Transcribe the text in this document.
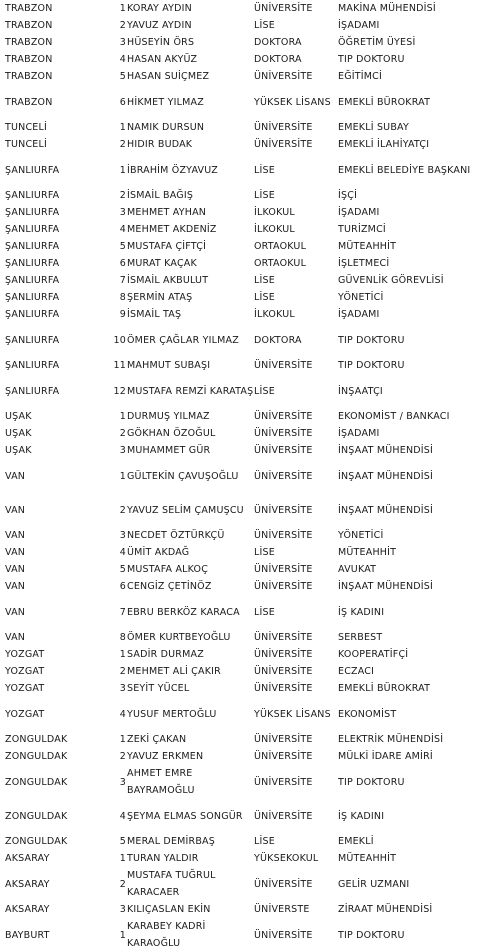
TRABZON	1	KORAY AYDIN	ÜNİVERSİTE	MAKİNA MÜHENDİSİ
TRABZON	2	YAVUZ AYDIN	LİSE	İŞADAMI
TRABZON	3	HÜSEYİN ÖRS	DOKTORA	ÖĞRETİM ÜYESİ
TRABZON	4	HASAN AKYÜZ	DOKTORA	TIP DOKTORU
TRABZON	5	HASAN SUİÇMEZ	ÜNİVERSİTE	EĞİTİMCİ
TRABZON	6	HİKMET YILMAZ	YÜKSEK LİSANS	EMEKLİ BÜROKRAT
TUNCELİ	1	NAMIK DURSUN	ÜNİVERSİTE	EMEKLİ SUBAY
TUNCELİ	2	HIDIR BUDAK	ÜNİVERSİTE	EMEKLİ İLAHİYATÇI
ŞANLIURFA	1	İBRAHİM ÖZYAVUZ	LİSE	EMEKLİ BELEDİYE BAŞKANI
ŞANLIURFA	2	İSMAİL BAĞIŞ	LİSE	İŞÇİ
ŞANLIURFA	3	MEHMET AYHAN	İLKOKUL	İŞADAMI
ŞANLIURFA	4	MEHMET AKDENİZ	İLKOKUL	TURİZMCİ
ŞANLIURFA	5	MUSTAFA ÇİFTÇİ	ORTAOKUL	MÜTEAHHİT
ŞANLIURFA	6	MURAT KAÇAK	ORTAOKUL	İŞLETMECİ
ŞANLIURFA	7	İSMAİL AKBULUT	LİSE	GÜVENLİK GÖREVLİSİ
ŞANLIURFA	8	ŞERMİN ATAŞ	LİSE	YÖNETİCİ
ŞANLIURFA	9	İSMAİL TAŞ	İLKOKUL	İŞADAMI
ŞANLIURFA	10	ÖMER ÇAĞLAR YILMAZ	DOKTORA	TIP DOKTORU
ŞANLIURFA	11	MAHMUT SUBAŞI	ÜNİVERSİTE	TIP DOKTORU
ŞANLIURFA	12	MUSTAFA REMZİ KARATAŞ	LİSE	İNŞAATÇI
UŞAK	1	DURMUŞ YILMAZ	ÜNİVERSİTE	EKONOMİST / BANKACI
UŞAK	2	GÖKHAN ÖZOĞUL	ÜNİVERSİTE	İŞADAMI
UŞAK	3	MUHAMMET GÜR	ÜNİVERSİTE	İNŞAAT MÜHENDİSİ
VAN	1	GÜLTEKİN ÇAVUŞOĞLU	ÜNİVERSİTE	İNŞAAT MÜHENDİSİ
VAN	2	YAVUZ SELİM ÇAMUŞCU	ÜNİVERSİTE	İNŞAAT MÜHENDİSİ
VAN	3	NECDET ÖZTÜRKÇÜ	ÜNİVERSİTE	YÖNETİCİ
VAN	4	ÜMİT AKDAĞ	LİSE	MÜTEAHHİT
VAN	5	MUSTAFA ALKOÇ	ÜNİVERSİTE	AVUKAT
VAN	6	CENGİZ ÇETİNÖZ	ÜNİVERSİTE	İNŞAAT MÜHENDİSİ
VAN	7	EBRU BERKÖZ KARACA	LİSE	İŞ KADINI
VAN	8	ÖMER KURTBEYOĞLU	ÜNİVERSİTE	SERBEST
YOZGAT	1	SADİR DURMAZ	ÜNİVERSİTE	KOOPERATİFÇİ
YOZGAT	2	MEHMET ALİ ÇAKIR	ÜNİVERSİTE	ECZACI
YOZGAT	3	SEYİT YÜCEL	ÜNİVERSİTE	EMEKLİ BÜROKRAT
YOZGAT	4	YUSUF MERTOĞLU	YÜKSEK LİSANS	EKONOMİST
ZONGULDAK	1	ZEKİ ÇAKAN	ÜNİVERSİTE	ELEKTRİK MÜHENDİSİ
ZONGULDAK	2	YAVUZ ERKMEN	ÜNİVERSİTE	MÜLKİ İDARE AMİRİ
ZONGULDAK	3	AHMET EMRE BAYRAMOĞLU	ÜNİVERSİTE	TIP DOKTORU
ZONGULDAK	4	ŞEYMA ELMAS SONGÜR	ÜNİVERSİTE	İŞ KADINI
ZONGULDAK	5	MERAL DEMİRBAŞ	LİSE	EMEKLİ
AKSARAY	1	TURAN YALDIR	YÜKSEKOKUL	MÜTEAHHİT
AKSARAY	2	MUSTAFA TUĞRUL KARACAER	ÜNİVERSİTE	GELİR UZMANI
AKSARAY	3	KILIÇASLAN EKİN	ÜNİVERSTE	ZİRAAT MÜHENDİSİ
BAYBURT	1	KARABEY KADRİ KARAOĞLU	ÜNİVERSİTE	TIP DOKTORU
